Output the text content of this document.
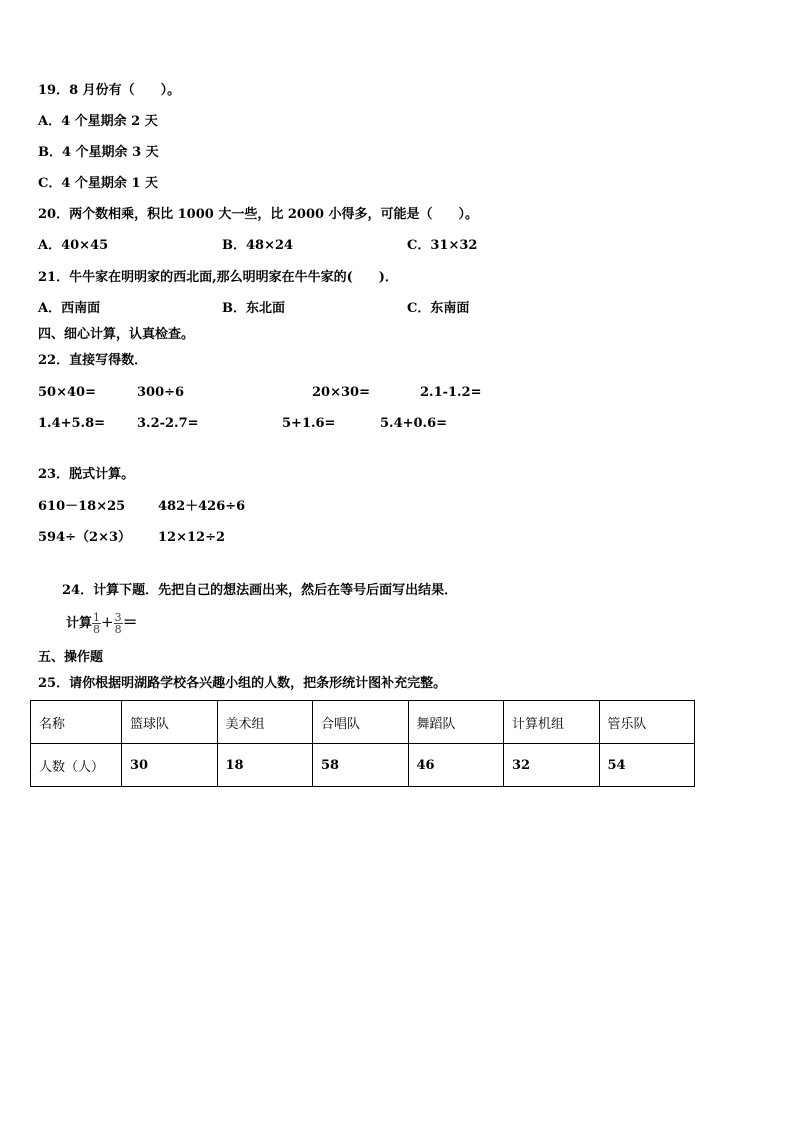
19．8 月份有（　　）。
A．4 个星期余 2 天
B．4 个星期余 3 天
C．4 个星期余 1 天
20．两个数相乘，积比 1000 大一些，比 2000 小得多，可能是（　　）。
A．40×45	B．48×24	C．31×32
21．牛牛家在明明家的西北面,那么明明家在牛牛家的(　　)．
A．西南面	B．东北面	C．东南面
四、细心计算，认真检查。
22．直接写得数．
50×40=	300÷6	20×30=	2.1-1.2=
1.4+5.8= 3.2-2.7=	5+1.6=	5.4+0.6=
23．脱式计算。
610－18×25	482＋426÷6
594÷（2×3） 12×12÷2
24．计算下题．先把自己的想法画出来，然后在等号后面写出结果．
计算 $\frac{1}{8} + \frac{3}{8}$ ＝
五、操作题
25．请你根据明湖路学校各兴趣小组的人数，把条形统计图补充完整。
名称	篮球队	美术组	合唱队	舞蹈队	计算机组	管乐队
人数（人）	30	18	58	46	32	54
